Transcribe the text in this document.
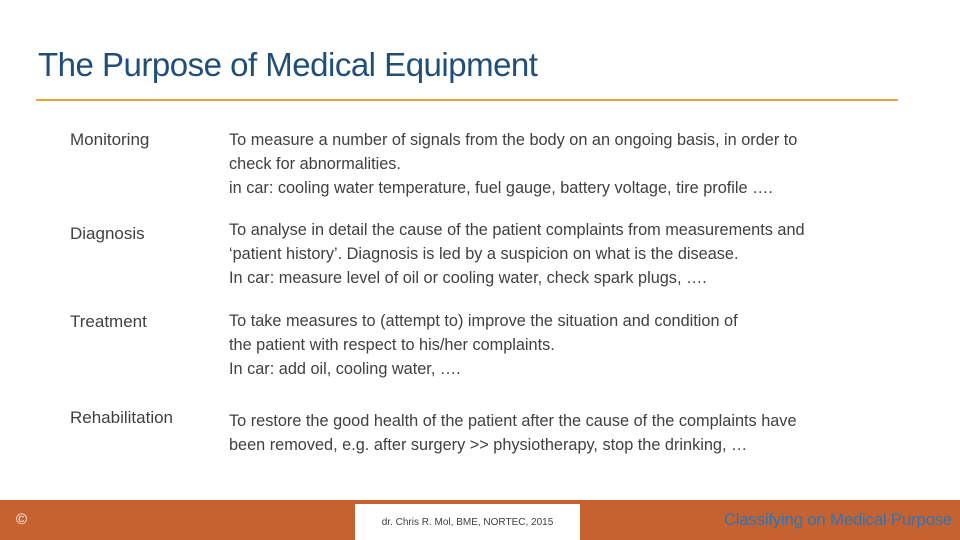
The Purpose of Medical Equipment
Monitoring	To measure a number of signals from the body on an ongoing basis, in order to
check for abnormalities.
in car: cooling water temperature, fuel gauge, battery voltage, tire profile ….
Diagnosis	To analyse in detail the cause of the patient complaints from measurements and
‘patient history’. Diagnosis is led by a suspicion on what is the disease.
In car: measure level of oil or cooling water, check spark plugs, ….
Treatment	To take measures to (attempt to) improve the situation and condition of
the patient with respect to his/her complaints.
In car: add oil, cooling water, ….
Rehabilitation	To restore the good health of the patient after the cause of the complaints have
been removed, e.g. after surgery >> physiotherapy, stop the drinking, …
©	dr. Chris R. Mol, BME, NORTEC, 2015	Classifying on Medical Purpose
